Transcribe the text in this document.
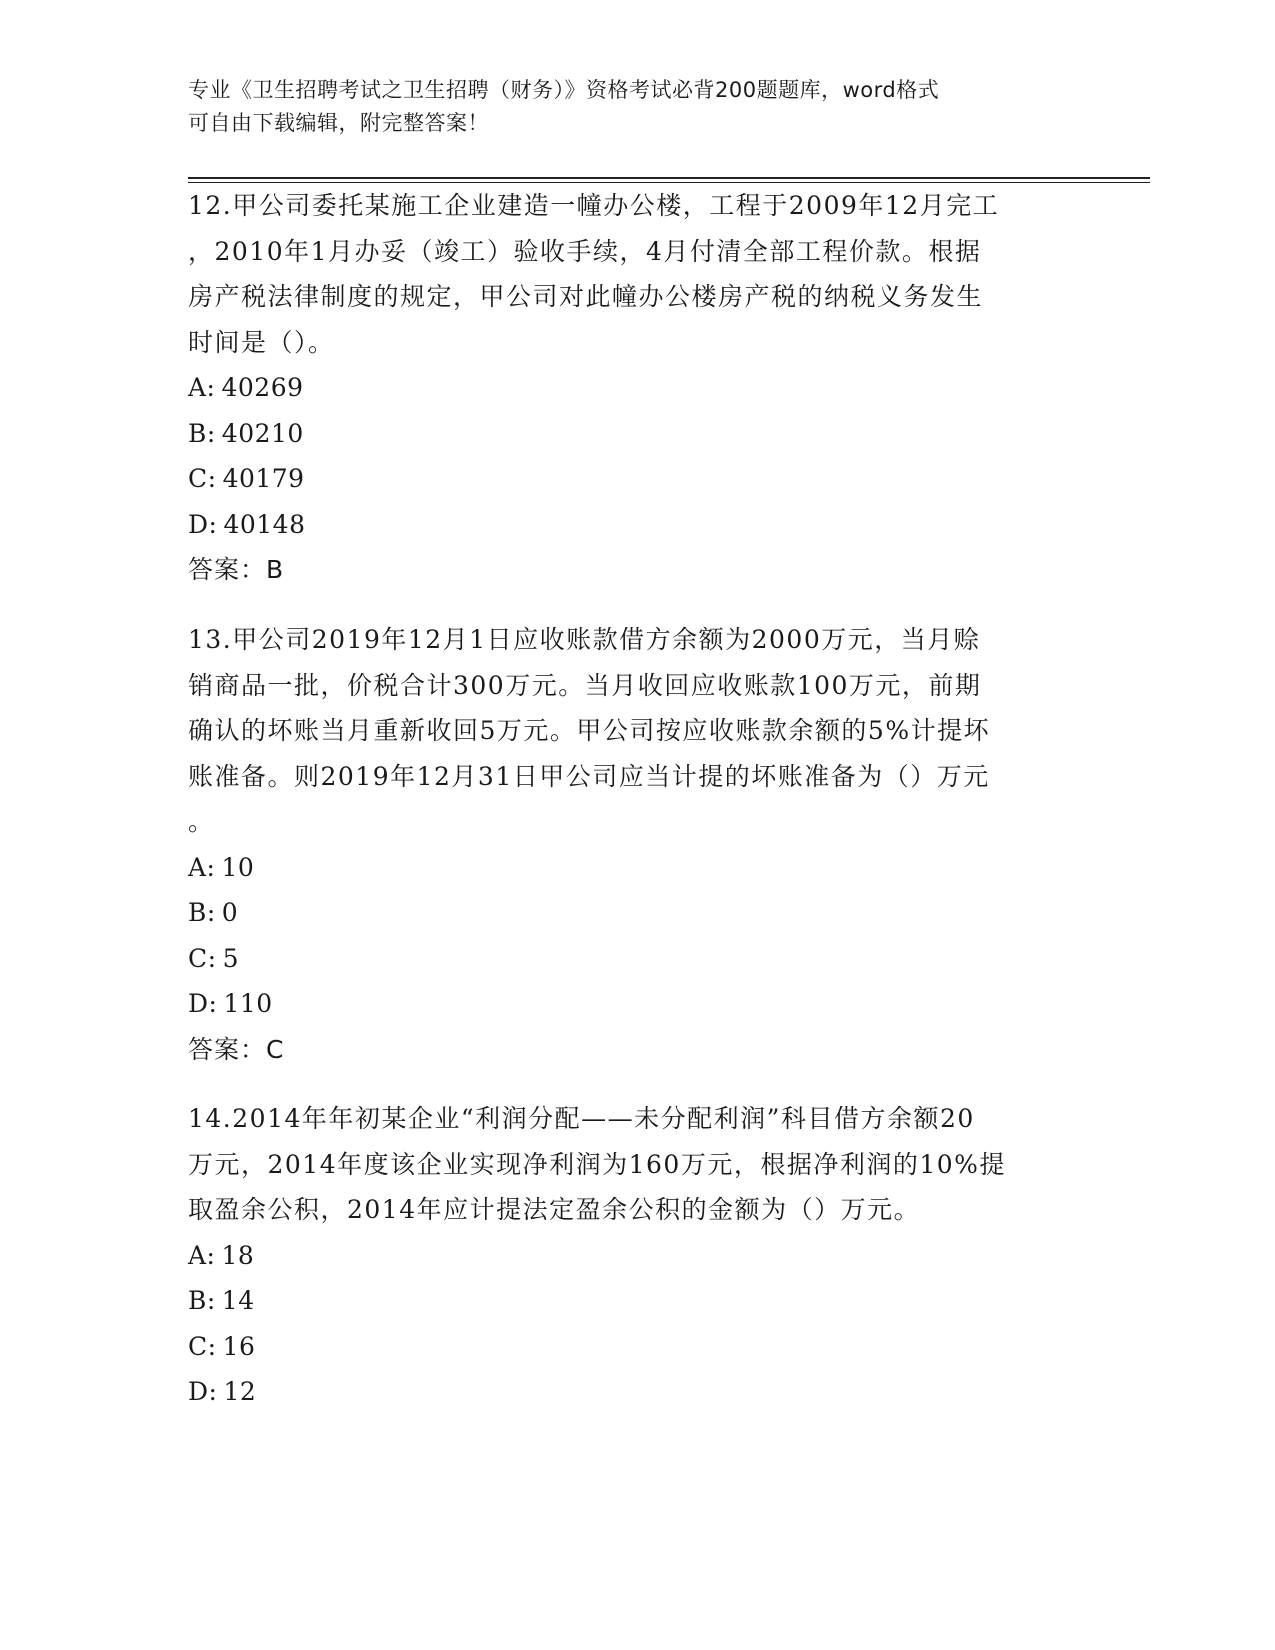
专业《卫生招聘考试之卫生招聘（财务）》资格考试必背200题题库，word格式
可自由下载编辑，附完整答案！

12.甲公司委托某施工企业建造一幢办公楼，工程于2009年12月完工

，2010年1月办妥（竣工）验收手续，4月付清全部工程价款。根据

房产税法律制度的规定，甲公司对此幢办公楼房产税的纳税义务发生

时间是（）。

A: 40269

B: 40210

C: 40179

D: 40148

答案：B

13.甲公司2019年12月1日应收账款借方余额为2000万元，当月赊

销商品一批，价税合计300万元。当月收回应收账款100万元，前期

确认的坏账当月重新收回5万元。甲公司按应收账款余额的5%计提坏

账准备。则2019年12月31日甲公司应当计提的坏账准备为（）万元

。

A: 10

B: 0

C: 5

D: 110

答案：C

14.2014年年初某企业“利润分配——未分配利润”科目借方余额20

万元，2014年度该企业实现净利润为160万元，根据净利润的10%提

取盈余公积，2014年应计提法定盈余公积的金额为（）万元。

A: 18

B: 14

C: 16

D: 12
